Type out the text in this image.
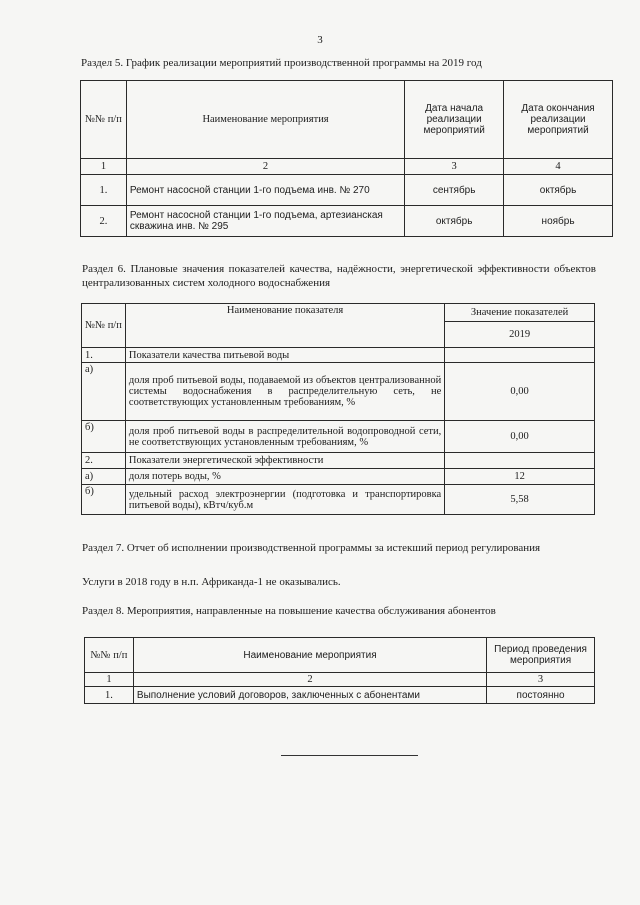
3
Раздел 5. График реализации мероприятий производственной программы на 2019 год
№№ п/п	Наименование мероприятия	Дата начала реализации мероприятий	Дата окончания реализации мероприятий
1	2	3	4
1.	Ремонт насосной станции 1-го подъема инв. № 270	сентябрь	октябрь
2.	Ремонт насосной станции 1-го подъема, артезианская скважина инв. № 295	октябрь	ноябрь
Раздел 6. Плановые значения показателей качества, надёжности, энергетической эффективности объектов централизованных систем холодного водоснабжения
№№ п/п	Наименование показателя	Значение показателей
		2019
1.	Показатели качества питьевой воды	
а)	доля проб питьевой воды, подаваемой из объектов централизованной системы водоснабжения в распределительную сеть, не соответствующих установленным требованиям, %	0,00
б)	доля проб питьевой воды в распределительной водопроводной сети, не соответствующих установленным требованиям, %	0,00
2.	Показатели энергетической эффективности	
а)	доля потерь воды, %	12
б)	удельный расход электроэнергии (подготовка и транспортировка питьевой воды), кВтч/куб.м	5,58
Раздел 7. Отчет об исполнении производственной программы за истекший период регулирования
Услуги в 2018 году в н.п. Африканда-1 не оказывались.
Раздел 8. Мероприятия, направленные на повышение качества обслуживания абонентов
№№ п/п	Наименование мероприятия	Период проведения мероприятия
1	2	3
1.	Выполнение условий договоров, заключенных с абонентами	постоянно
